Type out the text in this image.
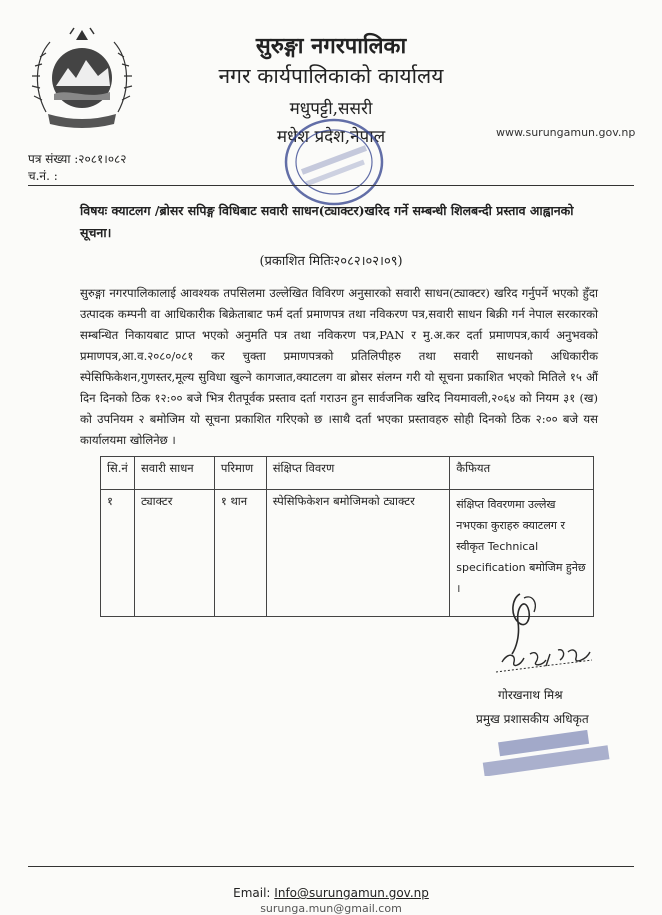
सुरुङ्गा नगरपालिका
नगर कार्यपालिकाको कार्यालय
मधुपट्टी,ससरी
मधेश प्रदेश,नेपाल	www.surungamun.gov.np
पत्र संख्या :२०८१।०८२
च.नं. :
विषयः क्याटलग /ब्रोसर सपिङ्ग विधिबाट सवारी साधन(ट्याक्टर)खरिद गर्ने सम्बन्धी शिलबन्दी प्रस्ताव आह्वानको सूचना।
(प्रकाशित मितिः२०८२।०२।०९)
सुरुङ्गा नगरपालिकालाई आवश्यक तपसिलमा उल्लेखित विविरण अनुसारको सवारी साधन(ट्याक्टर) खरिद गर्नुपर्ने भएको हुँदा उत्पादक कम्पनी वा आधिकारीक बिक्रेताबाट फर्म दर्ता प्रमाणपत्र तथा नविकरण पत्र,सवारी साधन बिक्री गर्न नेपाल सरकारको सम्बन्धित निकायबाट प्राप्त भएको अनुमति पत्र तथा नविकरण पत्र,PAN र मु.अ.कर दर्ता प्रमाणपत्र,कार्य अनुभवको प्रमाणपत्र,आ.व.२०८०/०८१ कर चुक्ता प्रमाणपत्रको प्रतिलिपीहरु तथा सवारी साधनको अधिकारीक स्पेसिफिकेशन,गुणस्तर,मूल्य सुविधा खुल्ने कागजात,क्याटलग वा ब्रोसर संलग्न गरी यो सूचना प्रकाशित भएको मितिले १५ औं दिन दिनको ठिक १२:०० बजे भित्र रीतपूर्वक प्रस्ताव दर्ता गराउन हुन सार्वजनिक खरिद नियमावली,२०६४ को नियम ३१ (ख) को उपनियम २ बमोजिम यो सूचना प्रकाशित गरिएको छ ।साथै दर्ता भएका प्रस्तावहरु सोही दिनको ठिक २:०० बजे यस कार्यालयमा खोलिनेछ ।
सि.नं	सवारी साधन	परिमाण	संक्षिप्त विवरण	कैफियत
१	ट्याक्टर	१ थान	स्पेसिफिकेशन बमोजिमको ट्याक्टर	संक्षिप्त विवरणमा उल्लेख नभएका कुराहरु क्याटलग र स्वीकृत Technical specification बमोजिम हुनेछ ।
गोरखनाथ मिश्र
प्रमुख प्रशासकीय अधिकृत
Email: Info@surungamun.gov.np
surunga.mun@gmail.com
